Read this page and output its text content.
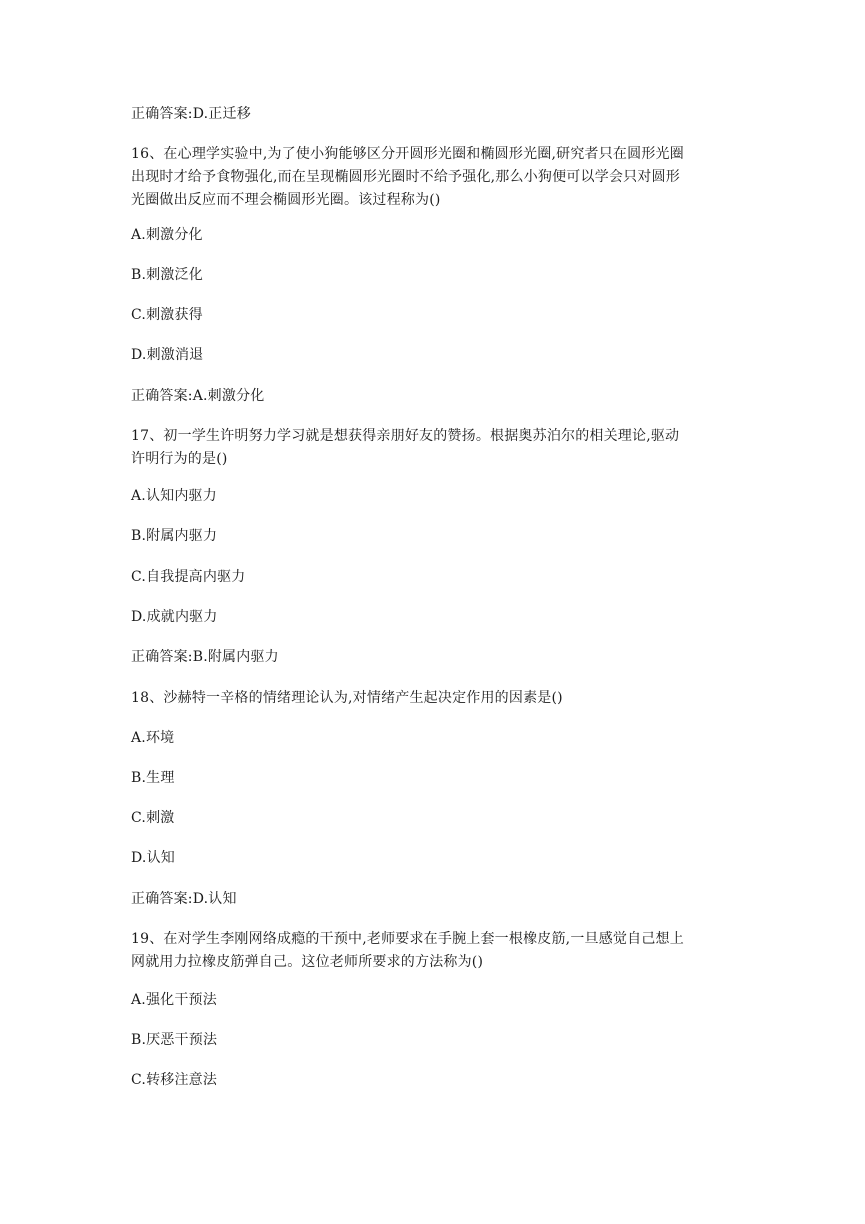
正确答案:D.正迁移
16、在心理学实验中,为了使小狗能够区分开圆形光圈和椭圆形光圈,研究者只在圆形光圈
出现时才给予食物强化,而在呈现椭圆形光圈时不给予强化,那么小狗便可以学会只对圆形
光圈做出反应而不理会椭圆形光圈。该过程称为()
A.刺激分化
B.刺激泛化
C.刺激获得
D.刺激消退
正确答案:A.刺激分化
17、初一学生许明努力学习就是想获得亲朋好友的赞扬。根据奥苏泊尔的相关理论,驱动
许明行为的是()
A.认知内驱力
B.附属内驱力
C.自我提高内驱力
D.成就内驱力
正确答案:B.附属内驱力
18、沙赫特一辛格的情绪理论认为,对情绪产生起决定作用的因素是()
A.环境
B.生理
C.刺激
D.认知
正确答案:D.认知
19、在对学生李刚网络成瘾的干预中,老师要求在手腕上套一根橡皮筋,一旦感觉自己想上
网就用力拉橡皮筋弹自己。这位老师所要求的方法称为()
A.强化干预法
B.厌恶干预法
C.转移注意法
